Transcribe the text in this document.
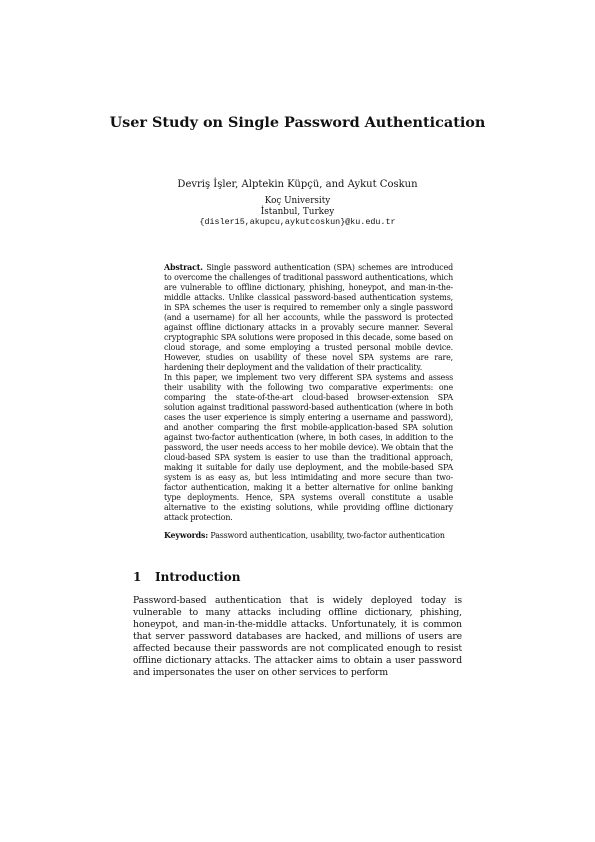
User Study on Single Password Authentication
Devriş İşler, Alptekin Küpçü, and Aykut Coskun
Koç University
İstanbul, Turkey
{disler15,akupcu,aykutcoskun}@ku.edu.tr

Abstract. Single password authentication (SPA) schemes are introduced to overcome the challenges of traditional password authentications, which are vulnerable to offline dictionary, phishing, honeypot, and man-in-the-middle attacks. Unlike classical password-based authentication systems, in SPA schemes the user is required to remember only a single password (and a username) for all her accounts, while the password is protected against offline dictionary attacks in a provably secure manner. Several cryptographic SPA solutions were proposed in this decade, some based on cloud storage, and some employing a trusted personal mobile device. However, studies on usability of these novel SPA systems are rare, hardening their deployment and the validation of their practicality.

In this paper, we implement two very different SPA systems and assess their usability with the following two comparative experiments: one comparing the state-of-the-art cloud-based browser-extension SPA solution against traditional password-based authentication (where in both cases the user experience is simply entering a username and password), and another comparing the first mobile-application-based SPA solution against two-factor authentication (where, in both cases, in addition to the password, the user needs access to her mobile device). We obtain that the cloud-based SPA system is easier to use than the traditional approach, making it suitable for daily use deployment, and the mobile-based SPA system is as easy as, but less intimidating and more secure than two-factor authentication, making it a better alternative for online banking type deployments. Hence, SPA systems overall constitute a usable alternative to the existing solutions, while providing offline dictionary attack protection.

Keywords: Password authentication, usability, two-factor authentication
1 Introduction

Password-based authentication that is widely deployed today is vulnerable to many attacks including offline dictionary, phishing, honeypot, and man-in-the-middle attacks. Unfortunately, it is common that server password databases are hacked, and millions of users are affected because their passwords are not complicated enough to resist offline dictionary attacks. The attacker aims to obtain a user password and impersonates the user on other services to perform
